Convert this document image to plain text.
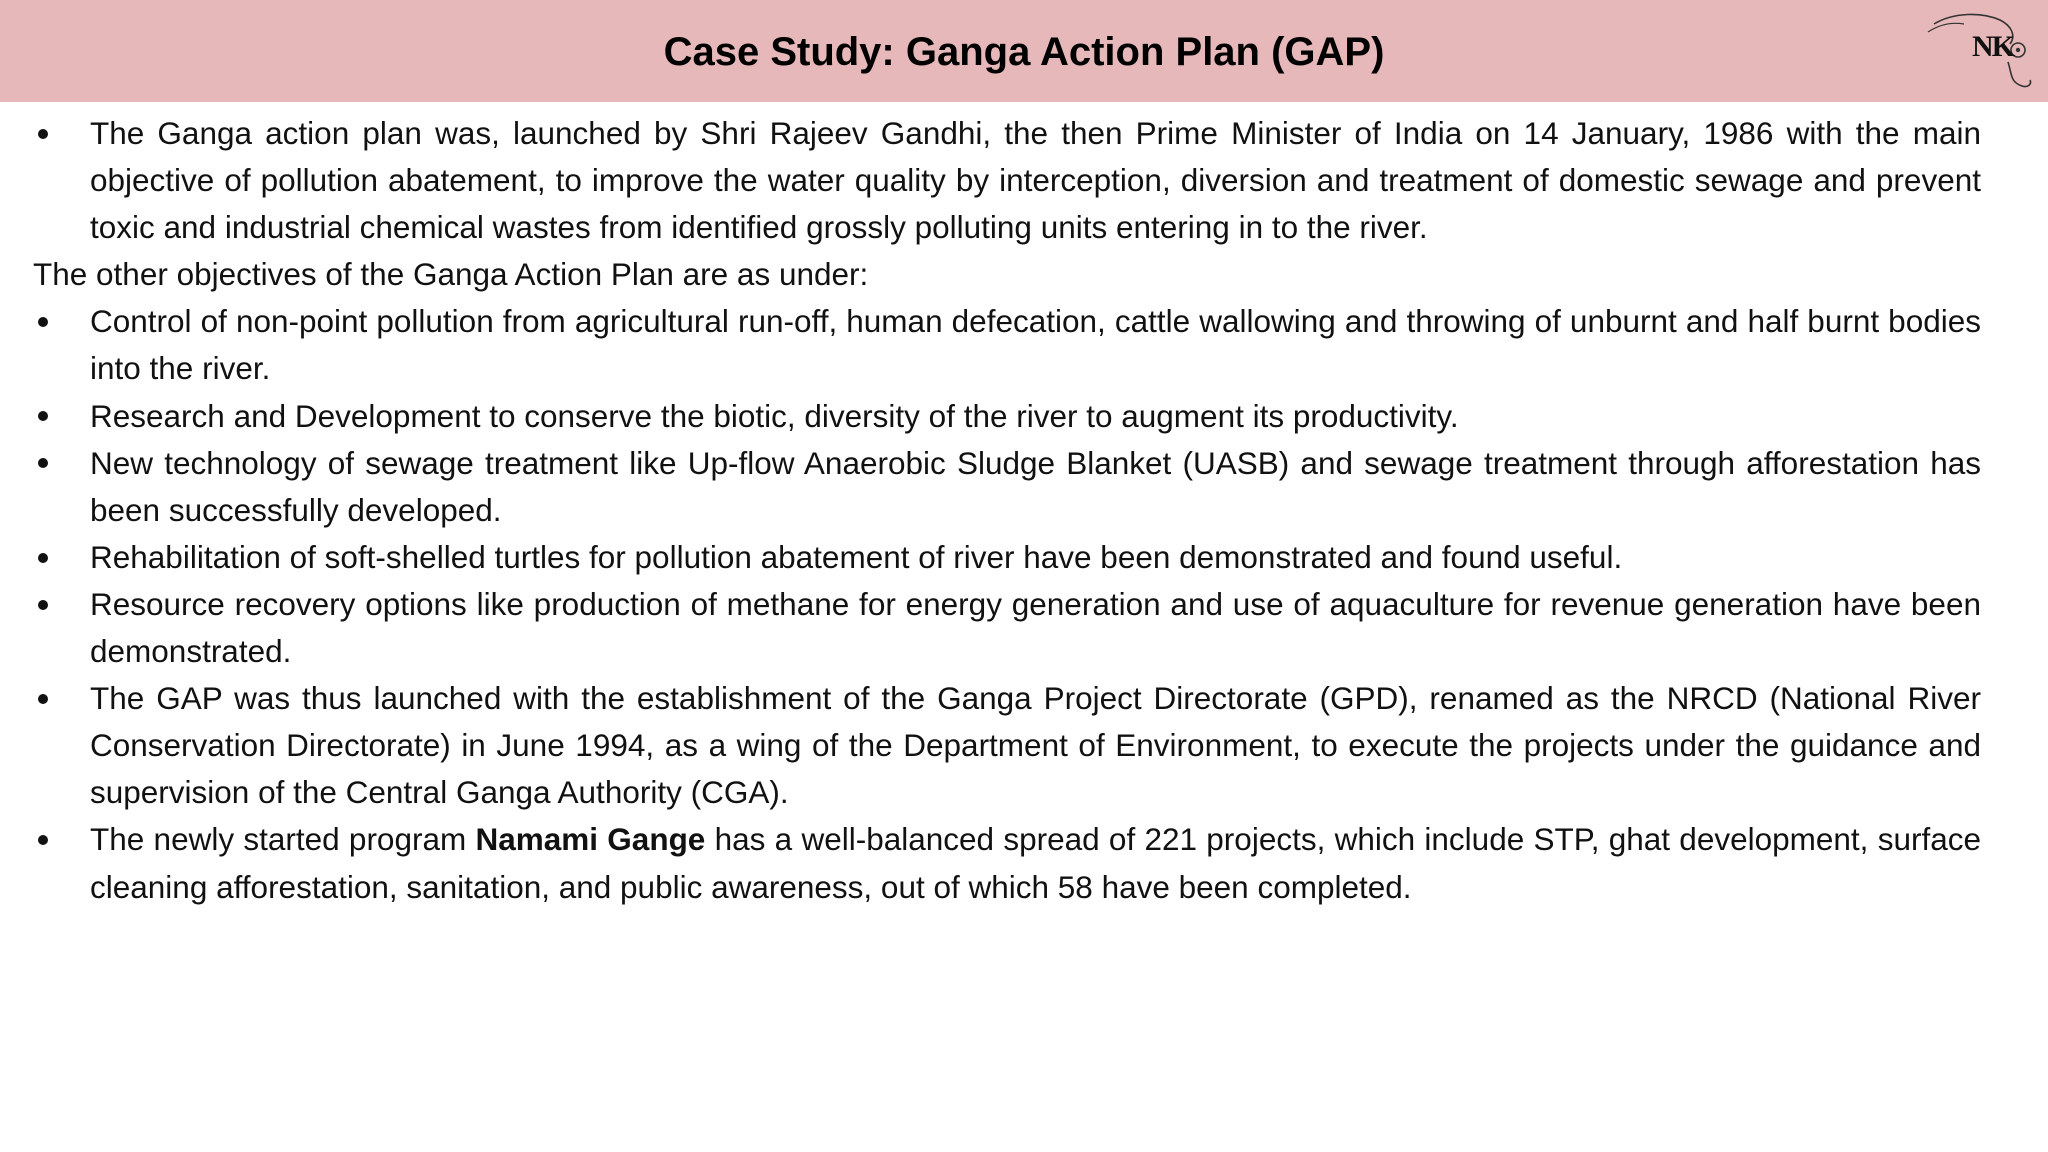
Case Study: Ganga Action Plan (GAP)	NK
The Ganga action plan was, launched by Shri Rajeev Gandhi, the then Prime Minister of India on 14 January, 1986 with the main objective of pollution abatement, to improve the water quality by interception, diversion and treatment of domestic sewage and prevent toxic and industrial chemical wastes from identified grossly polluting units entering in to the river.
The other objectives of the Ganga Action Plan are as under:
Control of non-point pollution from agricultural run-off, human defecation, cattle wallowing and throwing of unburnt and half burnt bodies into the river.
Research and Development to conserve the biotic, diversity of the river to augment its productivity.
New technology of sewage treatment like Up-flow Anaerobic Sludge Blanket (UASB) and sewage treatment through afforestation has been successfully developed.
Rehabilitation of soft-shelled turtles for pollution abatement of river have been demonstrated and found useful.
Resource recovery options like production of methane for energy generation and use of aquaculture for revenue generation have been demonstrated.
The GAP was thus launched with the establishment of the Ganga Project Directorate (GPD), renamed as the NRCD (National River Conservation Directorate) in June 1994, as a wing of the Department of Environment, to execute the projects under the guidance and supervision of the Central Ganga Authority (CGA).
The newly started program Namami Gange has a well-balanced spread of 221 projects, which include STP, ghat development, surface cleaning afforestation, sanitation, and public awareness, out of which 58 have been completed.
